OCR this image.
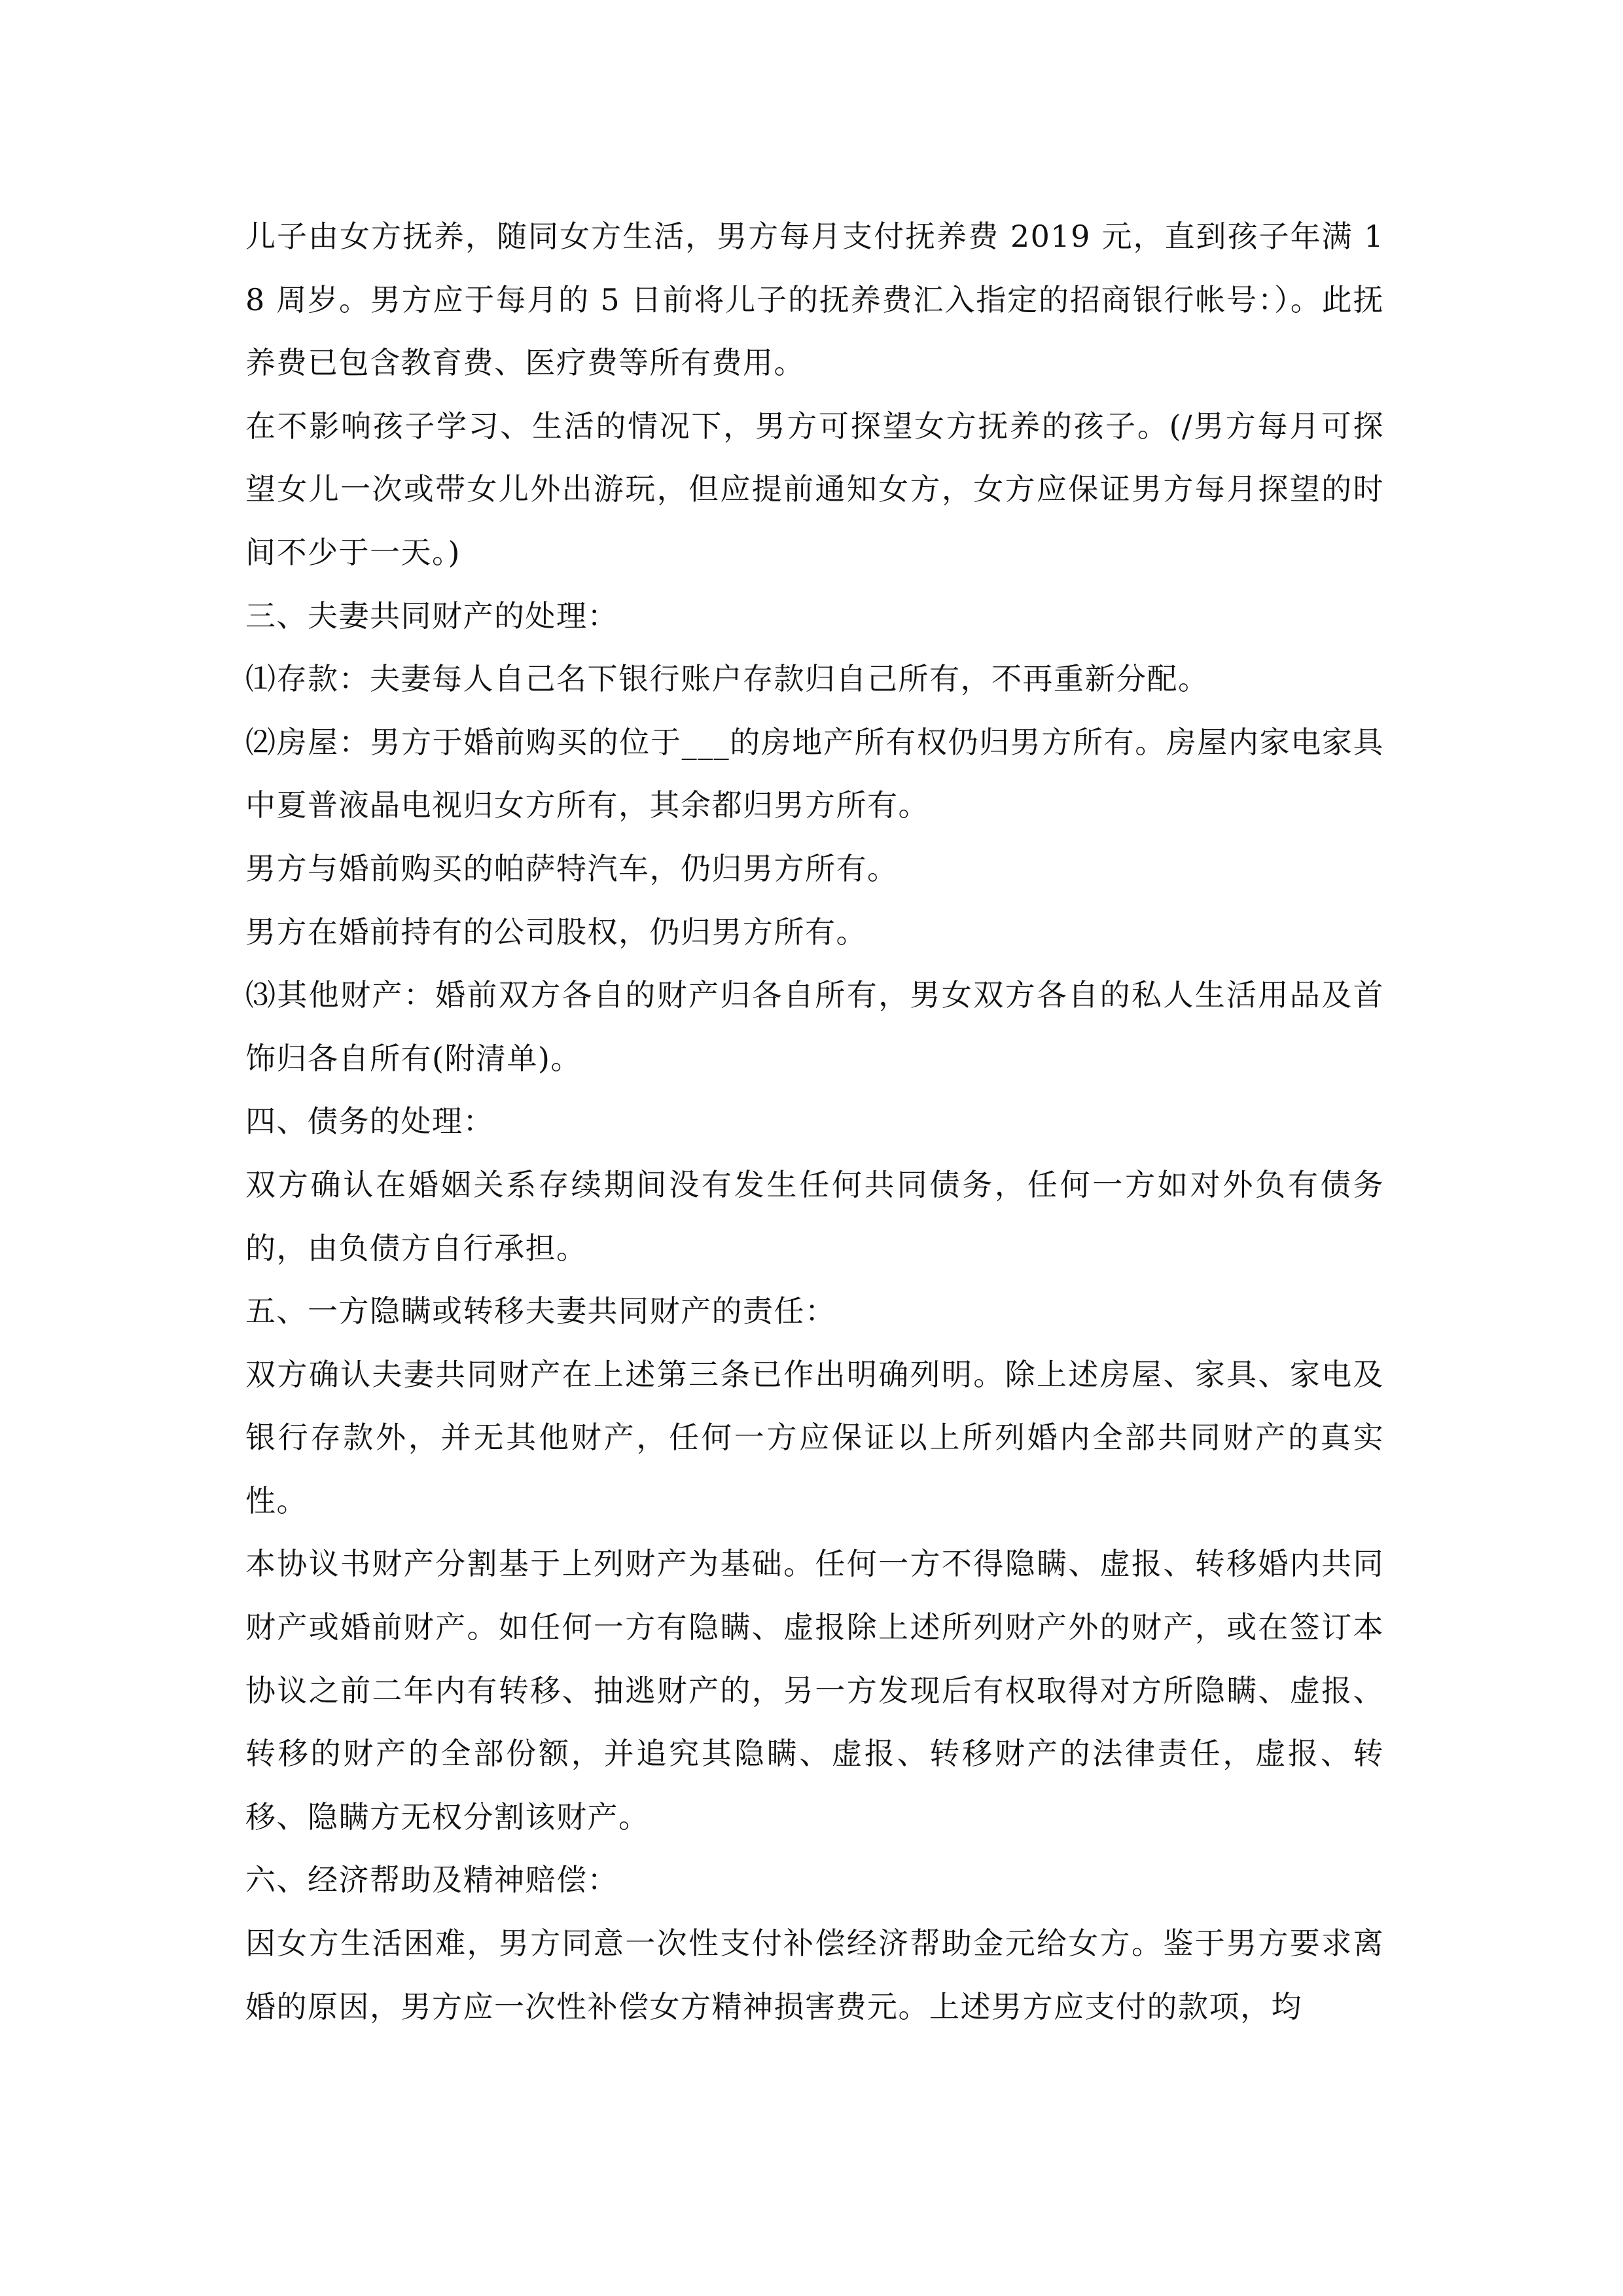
儿子由女方抚养，随同女方生活，男方每月支付抚养费 2019 元，直到孩子年满 18 周岁。男方应于每月的 5 日前将儿子的抚养费汇入指定的招商银行帐号：）。此抚养费已包含教育费、医疗费等所有费用。

在不影响孩子学习、生活的情况下，男方可探望女方抚养的孩子。(/男方每月可探望女儿一次或带女儿外出游玩，但应提前通知女方，女方应保证男方每月探望的时间不少于一天。)

三、夫妻共同财产的处理：

⑴存款：夫妻每人自己名下银行账户存款归自己所有，不再重新分配。

⑵房屋：男方于婚前购买的位于___的房地产所有权仍归男方所有。房屋内家电家具中夏普液晶电视归女方所有，其余都归男方所有。

男方与婚前购买的帕萨特汽车，仍归男方所有。

男方在婚前持有的公司股权，仍归男方所有。

⑶其他财产：婚前双方各自的财产归各自所有，男女双方各自的私人生活用品及首饰归各自所有(附清单)。

四、债务的处理：

双方确认在婚姻关系存续期间没有发生任何共同债务，任何一方如对外负有债务的，由负债方自行承担。

五、一方隐瞒或转移夫妻共同财产的责任：

双方确认夫妻共同财产在上述第三条已作出明确列明。除上述房屋、家具、家电及银行存款外，并无其他财产，任何一方应保证以上所列婚内全部共同财产的真实性。

本协议书财产分割基于上列财产为基础。任何一方不得隐瞒、虚报、转移婚内共同财产或婚前财产。如任何一方有隐瞒、虚报除上述所列财产外的财产，或在签订本协议之前二年内有转移、抽逃财产的，另一方发现后有权取得对方所隐瞒、虚报、转移的财产的全部份额，并追究其隐瞒、虚报、转移财产的法律责任，虚报、转移、隐瞒方无权分割该财产。

六、经济帮助及精神赔偿：

因女方生活困难，男方同意一次性支付补偿经济帮助金元给女方。鉴于男方要求离婚的原因，男方应一次性补偿女方精神损害费元。上述男方应支付的款项，均
